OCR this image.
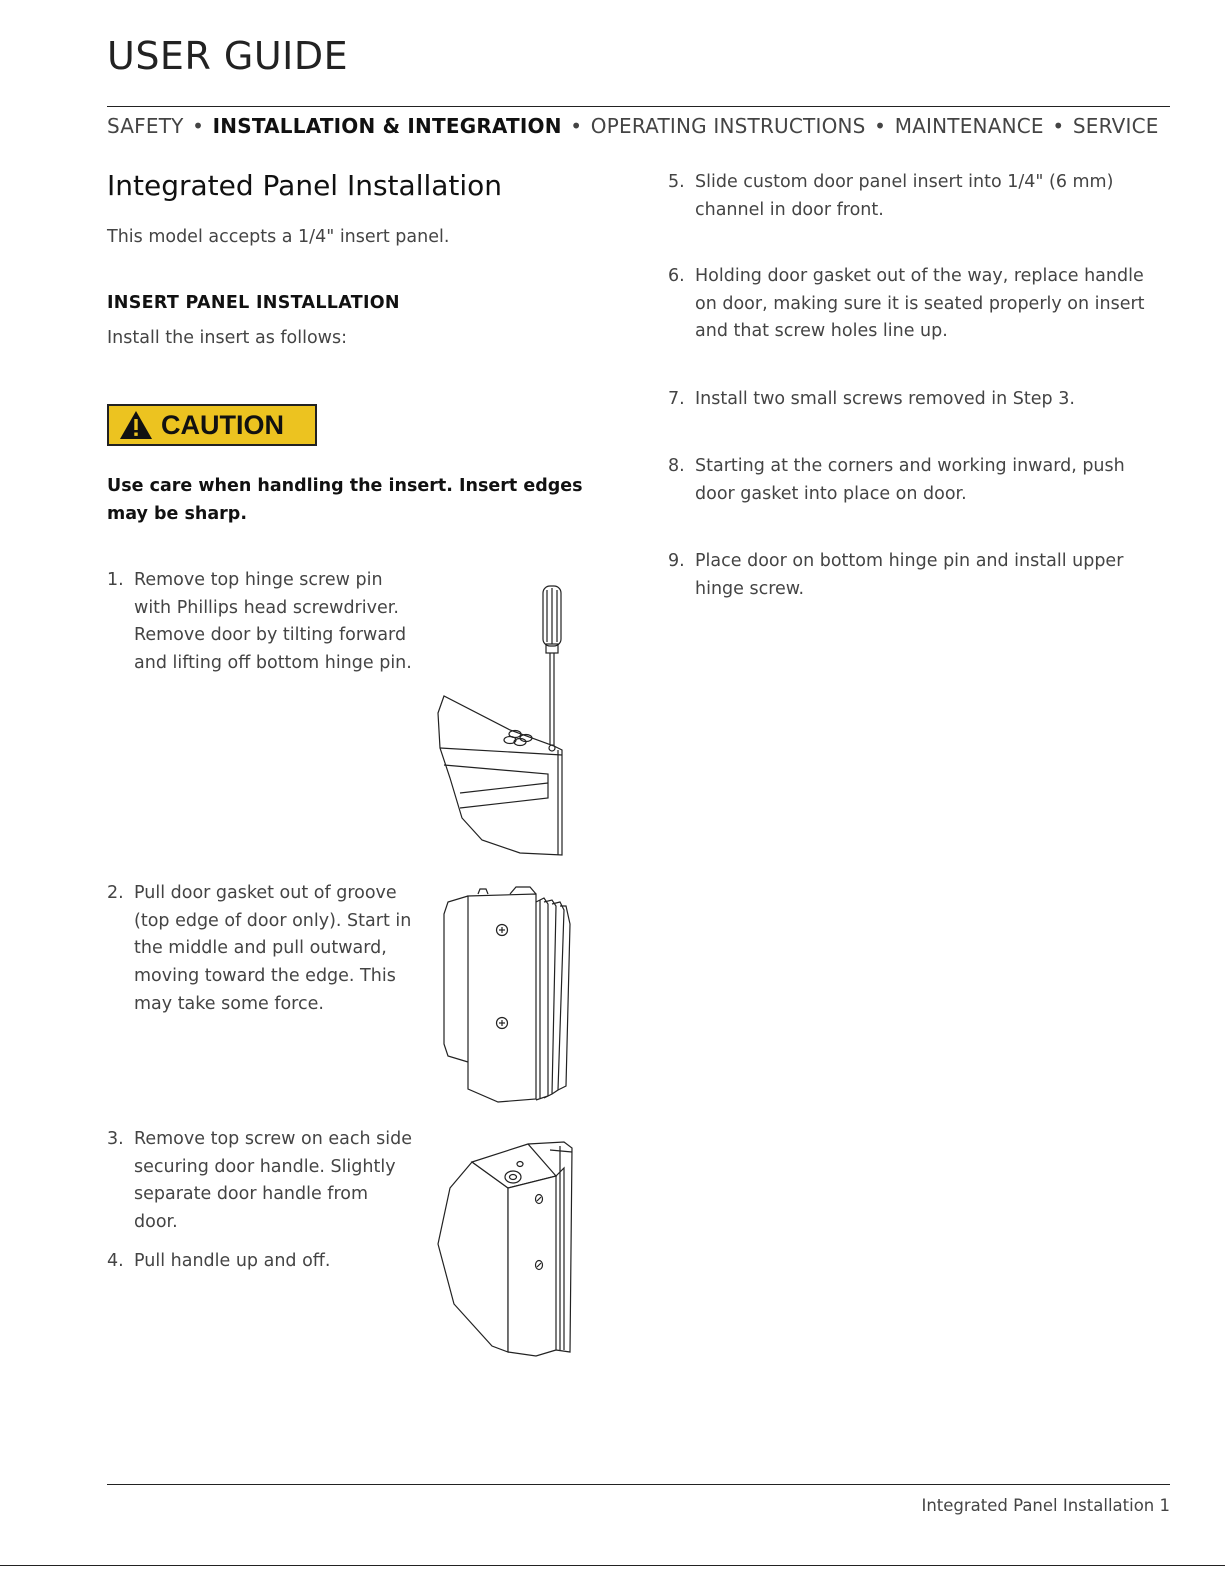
USER GUIDE
SAFETY • INSTALLATION & INTEGRATION • OPERATING INSTRUCTIONS • MAINTENANCE • SERVICE
Integrated Panel Installation
This model accepts a 1/4" insert panel.
INSERT PANEL INSTALLATION
Install the insert as follows:
CAUTION
Use care when handling the insert. Insert edges may be sharp.
1. Remove top hinge screw pin with Phillips head screwdriver. Remove door by tilting forward and lifting off bottom hinge pin.
2. Pull door gasket out of groove (top edge of door only). Start in the middle and pull outward, moving toward the edge. This may take some force.
3. Remove top screw on each side securing door handle. Slightly separate door handle from door.
4. Pull handle up and off.
5. Slide custom door panel insert into 1/4" (6 mm) channel in door front.
6. Holding door gasket out of the way, replace handle on door, making sure it is seated properly on insert and that screw holes line up.
7. Install two small screws removed in Step 3.
8. Starting at the corners and working inward, push door gasket into place on door.
9. Place door on bottom hinge pin and install upper hinge screw.
Integrated Panel Installation 1
